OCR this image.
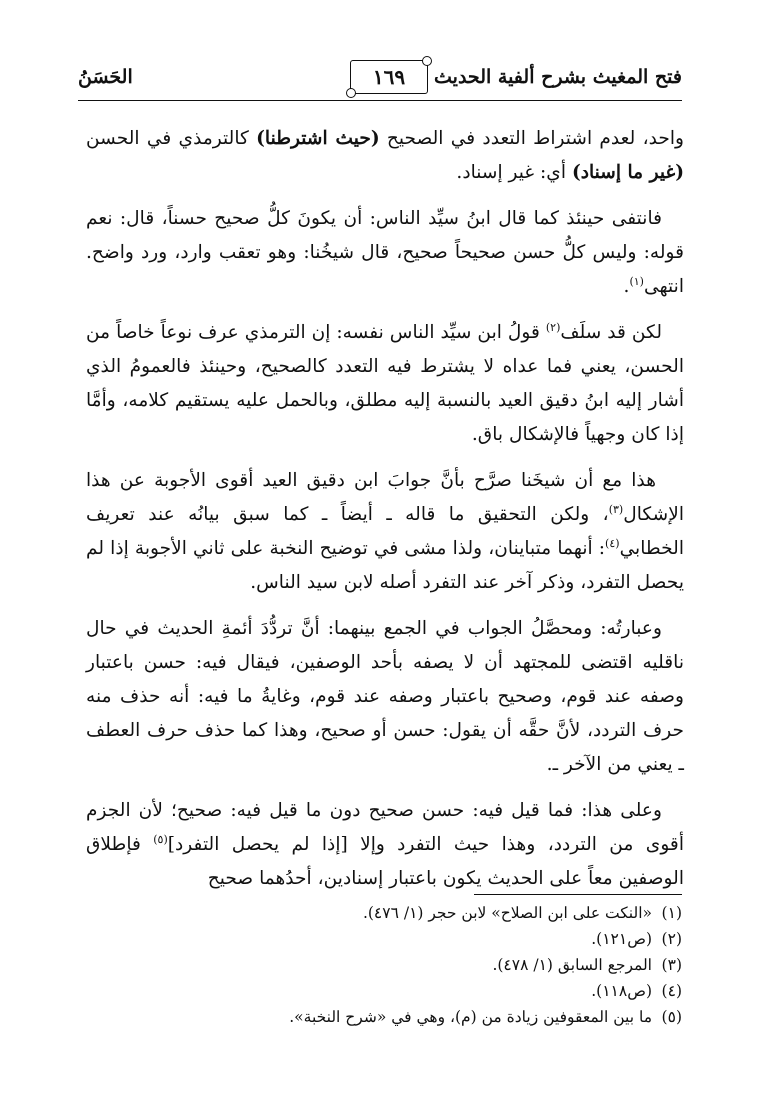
فتح المغيث بشرح ألفية الحديث
١٦٩
الحَسَنُ

واحد، لعدم اشتراط التعدد في الصحيح (حيث اشترطنا) كالترمذي في الحسن (غير ما إسناد) أي: غير إسناد.

فانتفى حينئذ كما قال ابنُ سيِّد الناس: أن يكونَ كلُّ صحيح حسناً، قال: نعم قوله: وليس كلُّ حسن صحيحاً صحيح، قال شيخُنا: وهو تعقب وارد، ورد واضح. انتهى$^{(١)}$.

لكن قد سلَف$^{(٢)}$ قولُ ابن سيِّد الناس نفسه: إن الترمذي عرف نوعاً خاصاً من الحسن، يعني فما عداه لا يشترط فيه التعدد كالصحيح، وحينئذ فالعمومُ الذي أشار إليه ابنُ دقيق العيد بالنسبة إليه مطلق، وبالحمل عليه يستقيم كلامه، وأمَّا إذا كان وجهياً فالإشكال باق.

هذا مع أن شيخَنا صرَّح بأنَّ جوابَ ابن دقيق العيد أقوى الأجوبة عن هذا الإشكال$^{(٣)}$، ولكن التحقيق ما قاله ـ أيضاً ـ كما سبق بيانُه عند تعريف الخطابي$^{(٤)}$: أنهما متباينان، ولذا مشى في توضيح النخبة على ثاني الأجوبة إذا لم يحصل التفرد، وذكر آخر عند التفرد أصله لابن سيد الناس.

وعبارتُه: ومحصَّلُ الجواب في الجمع بينهما: أنَّ تردُّدَ أئمةِ الحديث في حال ناقليه اقتضى للمجتهد أن لا يصفه بأحد الوصفين، فيقال فيه: حسن باعتبار وصفه عند قوم، وصحيح باعتبار وصفه عند قوم، وغايةُ ما فيه: أنه حذف منه حرف التردد، لأنَّ حقَّه أن يقول: حسن أو صحيح، وهذا كما حذف حرف العطف ـ يعني من الآخر ـ.

وعلى هذا: فما قيل فيه: حسن صحيح دون ما قيل فيه: صحيح؛ لأن الجزم أقوى من التردد، وهذا حيث التفرد وإلا [إذا لم يحصل التفرد]$^{(٥)}$ فإطلاق الوصفين معاً على الحديث يكون باعتبار إسنادين، أحدُهما صحيح

(١)«النكت على ابن الصلاح» لابن حجر (١/ ٤٧٦).
(٢)(ص١٢١).
(٣)المرجع السابق (١/ ٤٧٨).
(٤)(ص١١٨).
(٥)ما بين المعقوفين زيادة من (م)، وهي في «شرح النخبة».
